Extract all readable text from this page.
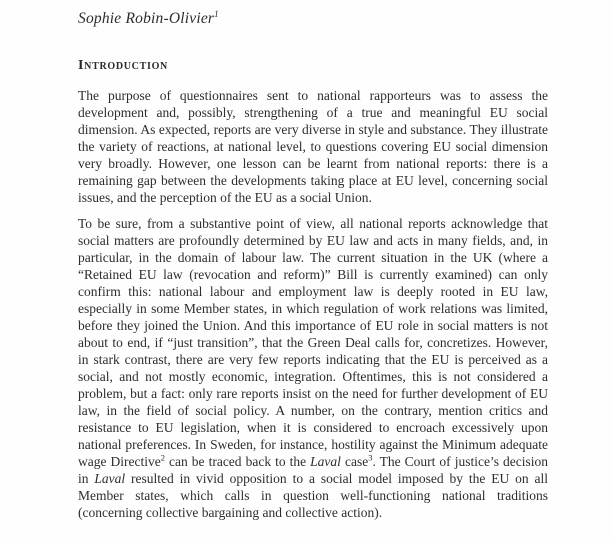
Sophie Robin-Olivier$^1$

Introduction

The purpose of questionnaires sent to national rapporteurs was to assess the development and, possibly, strengthening of a true and meaningful EU social dimension. As expected, reports are very diverse in style and substance. They illustrate the variety of reactions, at national level, to questions covering EU social dimension very broadly. However, one lesson can be learnt from national reports: there is a remaining gap between the developments taking place at EU level, concerning social issues, and the perception of the EU as a social Union.

To be sure, from a substantive point of view, all national reports acknowledge that social matters are profoundly determined by EU law and acts in many fields, and, in particular, in the domain of labour law. The current situation in the UK (where a “Retained EU law (revocation and reform)” Bill is currently examined) can only confirm this: national labour and employment law is deeply rooted in EU law, especially in some Member states, in which regulation of work relations was limited, before they joined the Union. And this importance of EU role in social matters is not about to end, if “just transition”, that the Green Deal calls for, concretizes. However, in stark contrast, there are very few reports indicating that the EU is perceived as a social, and not mostly economic, integration. Oftentimes, this is not considered a problem, but a fact: only rare reports insist on the need for further development of EU law, in the field of social policy. A number, on the contrary, mention critics and resistance to EU legislation, when it is considered to encroach excessively upon national preferences. In Sweden, for instance, hostility against the Minimum adequate wage Directive$^2$ can be traced back to the Laval case$^3$. The Court of justice’s decision in Laval resulted in vivid opposition to a social model imposed by the EU on all Member states, which calls in question well-functioning national traditions (concerning collective bargaining and collective action).
